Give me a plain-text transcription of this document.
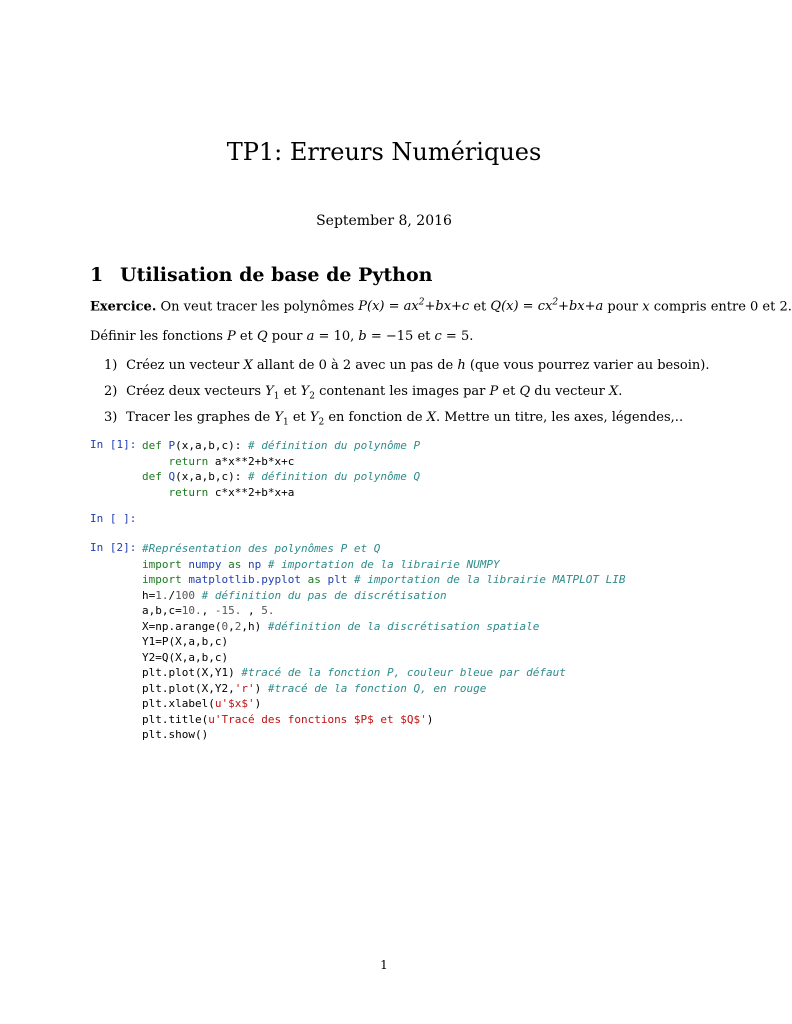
TP1: Erreurs Numériques
September 8, 2016
1 Utilisation de base de Python
Exercice. On veut tracer les polynômes $P(x) = ax^2+bx+c$ et $Q(x) = cx^2+bx+a$ pour x compris entre 0 et 2.
Définir les fonctions P et Q pour a = 10, b = −15 et c = 5.
1) Créez un vecteur X allant de 0 à 2 avec un pas de h (que vous pourrez varier au besoin).
2) Créez deux vecteurs $Y_1$ et $Y_2$ contenant les images par P et Q du vecteur X.
3) Tracer les graphes de $Y_1$ et $Y_2$ en fonction de X. Mettre un titre, les axes, légendes,..
In [1]: def P(x,a,b,c): # définition du polynôme P
return a*x**2+b*x+c
def Q(x,a,b,c): # définition du polynôme Q
return c*x**2+b*x+a
In [ ]:
In [2]: #Représentation des polynômes P et Q
import numpy as np # importation de la librairie NUMPY
import matplotlib.pyplot as plt # importation de la librairie MATPLOT LIB
h=1./100 # définition du pas de discrétisation
a,b,c=10., -15. , 5.
X=np.arange(0,2,h) #définition de la discrétisation spatiale
Y1=P(X,a,b,c)
Y2=Q(X,a,b,c)
plt.plot(X,Y1) #tracé de la fonction P, couleur bleue par défaut
plt.plot(X,Y2,'r') #tracé de la fonction Q, en rouge
plt.xlabel(u'$x$')
plt.title(u'Tracé des fonctions $P$ et $Q$')
plt.show()
1
